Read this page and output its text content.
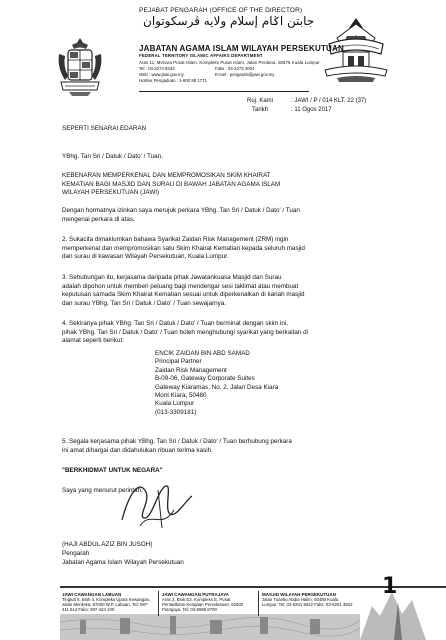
PEJABAT PENGARAH (OFFICE OF THE DIRECTOR)
جابتن اݢام إسلام ولايه ڤرسكوتوان
JABATAN AGAMA ISLAM WILAYAH PERSEKUTUAN
FEDERAL TERRITORY ISLAMIC AFFAIRS DEPARTMENT
Aras 11, Menara Pusat Islam, Kompleks Pusat Islam, Jalan Perdana, 50676 Kuala Lumpur.
Tel : 03-2274 9333	Faks : 03-2273 2004
Web : www.jawi.gov.my	E-mel : pengarah@jawi.gov.my
Hotline Pengaduan : 1-800 88 1771
Ruj. Kami	: JAWI / P / 014 KLT. 22 (37)
Tarikh	: 11 Ogos 2017
SEPERTI SENARAI EDARAN
YBhg. Tan Sri / Datuk / Dato' / Tuan,
KEBENARAN MEMPERKENAL DAN MEMPROMOSIKAN SKIM KHAIRAT
KEMATIAN BAGI MASJID DAN SURAU DI BAWAH JABATAN AGAMA ISLAM
WILAYAH PERSEKUTUAN (JAWI)
Dengan hormatnya izinkan saya merujuk perkara YBhg. Tan Sri / Datuk / Dato' / Tuan
mengenai perkara di atas.
2. Sukacita dimaklumkan bahawa Syarikat Zaidan Risk Management (ZRM) ingin
memperkenal dan mempromosikan satu Skim Khairat Kematian kepada seluruh masjid
dan surau di kawasan Wilayah Persekutuan, Kuala Lumpur.
3. Sehubungan itu, kerjasama daripada pihak Jawatankuasa Masjid dan Surau
adalah dipohon untuk memberi peluang bagi mendengar sesi taklimat atau membuat
keputusan samada Skim Khairat Kematian sesuai untuk diperkenalkan di kariah masjid
dan surau YBhg. Tan Sri / Datuk / Dato' / Tuan sewajarnya.
4. Sekiranya pihak YBhg. Tan Sri / Datuk / Dato' / Tuan berminat dengan skim ini,
pihak YBhg. Tan Sri / Datuk / Dato' / Tuan boleh menghubungi syarikat yang berkaitan di
alamat seperti berikut:
ENCIK ZAIDAN BIN ABD SAMAD
Principal Partner
Zaidan Risk Management
B-09-06, Gateway Corporate Suites
Gateway Kiaramas, No. 2, Jalan Desa Kiara
Mont Kiara, 50480
Kuala Lumpur
(013-3309181)
5. Segala kerjasama pihak YBhg. Tan Sri / Datuk / Dato' / Tuan berhubung perkara
ini amat dihargai dan didahulukan ribuan terima kasih.
"BERKHIDMAT UNTUK NEGARA"
Saya yang menurut perintah,
(HAJI ABDUL AZIZ BIN JUSOH)
Pengarah
Jabatan Agama Islam Wilayah Persekutuan
JAWI CAWANGAN LABUAN
Tingkat 6, Blok 4, Kompleks Ujana Kewangan, Jalan Merdeka, 87000 W.P. Labuan. Tel: 087-411 514 Faks: 087-424 100
JAWI CAWANGAN PUTRAJAYA
Aras 2, Blok E3, Kompleks E, Pusat Pentadbiran Kerajaan Persekutuan, 62502 Putrajaya. Tel: 03-8888 8700
MASJID WILAYAH PERSEKUTUAN
Jalan Tuanku Abdul Halim, 50480 Kuala Lumpur. Tel: 03-6201 8022 Faks: 03-6201 3922
1
